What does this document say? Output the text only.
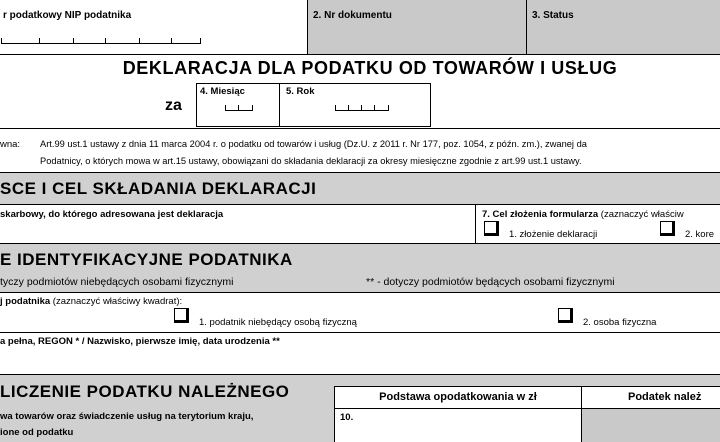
r podatkowy NIP podatnika	2. Nr dokumentu	3. Status
DEKLARACJA DLA PODATKU OD TOWARÓW I USŁUG
za
4. Miesiąc	5. Rok
wna: Art.99 ust.1 ustawy z dnia 11 marca 2004 r. o podatku od towarów i usług (Dz.U. z 2011 r. Nr 177, poz. 1054, z późn. zm.), zwanej da
Podatnicy, o których mowa w art.15 ustawy, obowiązani do składania deklaracji za okresy miesięczne zgodnie z art.99 ust.1 ustawy.
SCE I CEL SKŁADANIA DEKLARACJI
skarbowy, do którego adresowana jest deklaracja	7. Cel złożenia formularza (zaznaczyć właściw
1. złożenie deklaracji	2. kore
E IDENTYFIKACYJNE PODATNIKA
tyczy podmiotów niebędących osobami fizycznymi	** - dotyczy podmiotów będących osobami fizycznymi
j podatnika (zaznaczyć właściwy kwadrat):
1. podatnik niebędący osobą fizyczną	2. osoba fizyczna
a pełna, REGON * / Nazwisko, pierwsze imię, data urodzenia **
LICZENIE PODATKU NALEŻNEGO	Podstawa opodatkowania w zł	Podatek należ
wa towarów oraz świadczenie usług na terytorium kraju,
ione od podatku
10.
